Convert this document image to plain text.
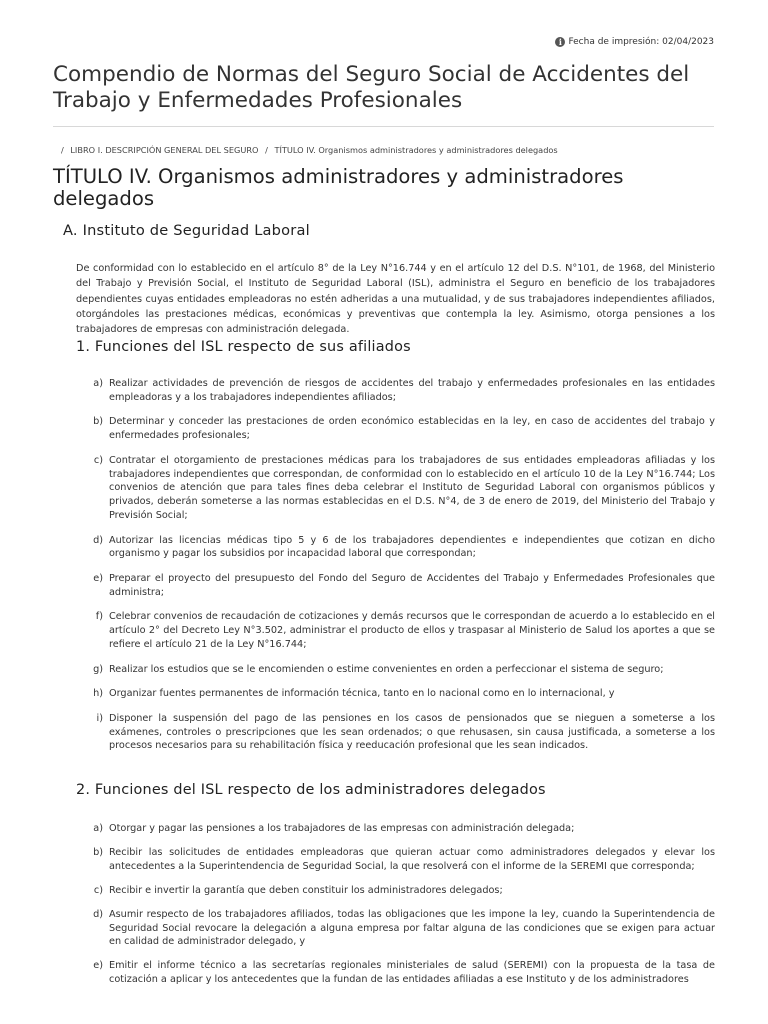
i Fecha de impresión: 02/04/2023
Compendio de Normas del Seguro Social de Accidentes del Trabajo y Enfermedades Profesionales
/ LIBRO I. DESCRIPCIÓN GENERAL DEL SEGURO / TÍTULO IV. Organismos administradores y administradores delegados
TÍTULO IV. Organismos administradores y administradores delegados
A. Instituto de Seguridad Laboral

De conformidad con lo establecido en el artículo 8° de la Ley N°16.744 y en el artículo 12 del D.S. N°101, de 1968, del Ministerio del Trabajo y Previsión Social, el Instituto de Seguridad Laboral (ISL), administra el Seguro en beneficio de los trabajadores dependientes cuyas entidades empleadoras no estén adheridas a una mutualidad, y de sus trabajadores independientes afiliados, otorgándoles las prestaciones médicas, económicas y preventivas que contempla la ley. Asimismo, otorga pensiones a los trabajadores de empresas con administración delegada.

1. Funciones del ISL respecto de sus afiliados
a) Realizar actividades de prevención de riesgos de accidentes del trabajo y enfermedades profesionales en las entidades empleadoras y a los trabajadores independientes afiliados;
b) Determinar y conceder las prestaciones de orden económico establecidas en la ley, en caso de accidentes del trabajo y enfermedades profesionales;
c) Contratar el otorgamiento de prestaciones médicas para los trabajadores de sus entidades empleadoras afiliadas y los trabajadores independientes que correspondan, de conformidad con lo establecido en el artículo 10 de la Ley N°16.744; Los convenios de atención que para tales fines deba celebrar el Instituto de Seguridad Laboral con organismos públicos y privados, deberán someterse a las normas establecidas en el D.S. N°4, de 3 de enero de 2019, del Ministerio del Trabajo y Previsión Social;
d) Autorizar las licencias médicas tipo 5 y 6 de los trabajadores dependientes e independientes que cotizan en dicho organismo y pagar los subsidios por incapacidad laboral que correspondan;
e) Preparar el proyecto del presupuesto del Fondo del Seguro de Accidentes del Trabajo y Enfermedades Profesionales que administra;
f) Celebrar convenios de recaudación de cotizaciones y demás recursos que le correspondan de acuerdo a lo establecido en el artículo 2° del Decreto Ley N°3.502, administrar el producto de ellos y traspasar al Ministerio de Salud los aportes a que se refiere el artículo 21 de la Ley N°16.744;
g) Realizar los estudios que se le encomienden o estime convenientes en orden a perfeccionar el sistema de seguro;
h) Organizar fuentes permanentes de información técnica, tanto en lo nacional como en lo internacional, y
i) Disponer la suspensión del pago de las pensiones en los casos de pensionados que se nieguen a someterse a los exámenes, controles o prescripciones que les sean ordenados; o que rehusasen, sin causa justificada, a someterse a los procesos necesarios para su rehabilitación física y reeducación profesional que les sean indicados.
2. Funciones del ISL respecto de los administradores delegados
a) Otorgar y pagar las pensiones a los trabajadores de las empresas con administración delegada;
b) Recibir las solicitudes de entidades empleadoras que quieran actuar como administradores delegados y elevar los antecedentes a la Superintendencia de Seguridad Social, la que resolverá con el informe de la SEREMI que corresponda;
c) Recibir e invertir la garantía que deben constituir los administradores delegados;
d) Asumir respecto de los trabajadores afiliados, todas las obligaciones que les impone la ley, cuando la Superintendencia de Seguridad Social revocare la delegación a alguna empresa por faltar alguna de las condiciones que se exigen para actuar en calidad de administrador delegado, y
e) Emitir el informe técnico a las secretarías regionales ministeriales de salud (SEREMI) con la propuesta de la tasa de cotización a aplicar y los antecedentes que la fundan de las entidades afiliadas a ese Instituto y de los administradores
